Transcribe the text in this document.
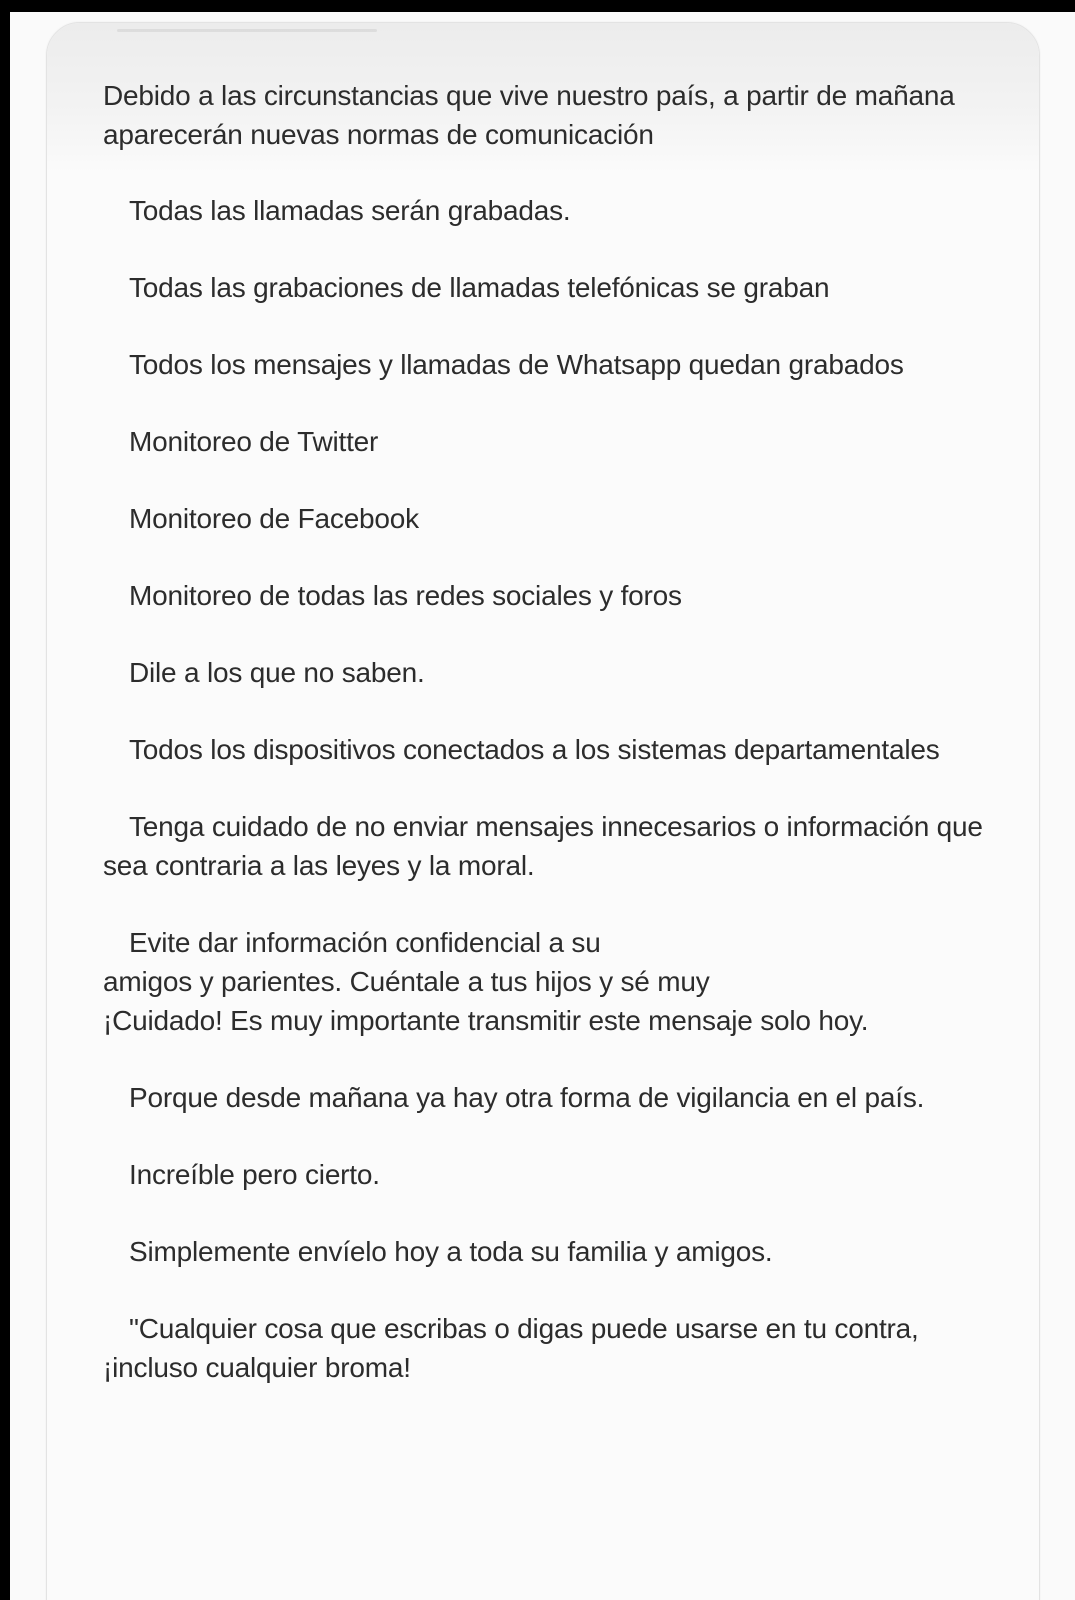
Debido a las circunstancias que vive nuestro país, a partir de mañana aparecerán nuevas normas de comunicación

Todas las llamadas serán grabadas.

Todas las grabaciones de llamadas telefónicas se graban

Todos los mensajes y llamadas de Whatsapp quedan grabados

Monitoreo de Twitter

Monitoreo de Facebook

Monitoreo de todas las redes sociales y foros

Dile a los que no saben.

Todos los dispositivos conectados a los sistemas departamentales

Tenga cuidado de no enviar mensajes innecesarios o información que sea contraria a las leyes y la moral.

Evite dar información confidencial a su
amigos y parientes. Cuéntale a tus hijos y sé muy
¡Cuidado! Es muy importante transmitir este mensaje solo hoy.

Porque desde mañana ya hay otra forma de vigilancia en el país.

Increíble pero cierto.

Simplemente envíelo hoy a toda su familia y amigos.

"Cualquier cosa que escribas o digas puede usarse en tu contra, ¡incluso cualquier broma!
